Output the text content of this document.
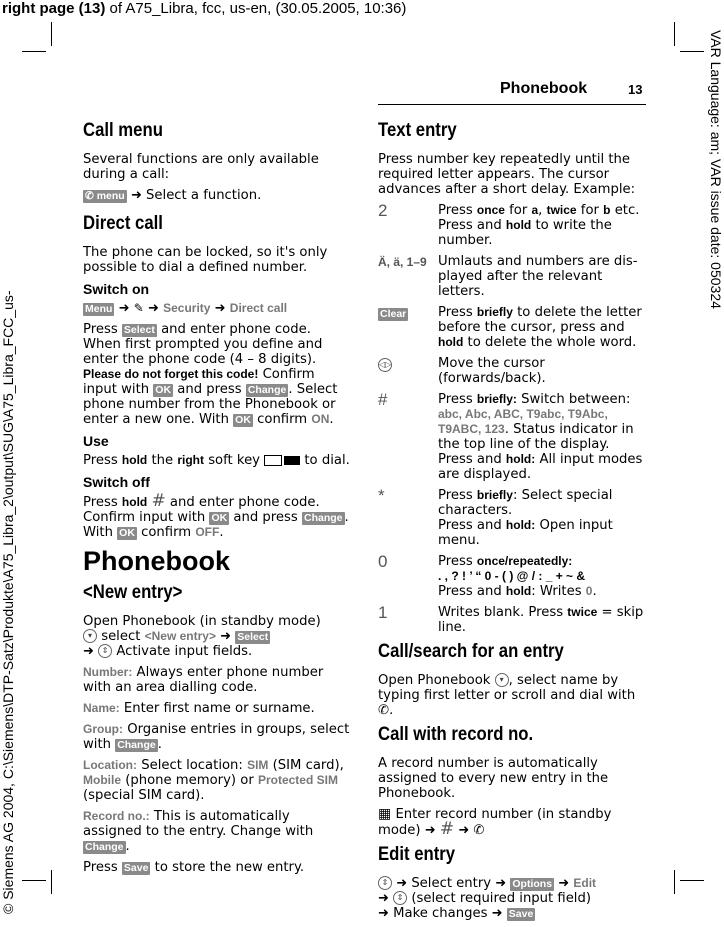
right page (13) of A75_Libra, fcc, us-en, (30.05.2005, 10:36)
VAR Language: am; VAR issue date: 050324
© Siemens AG 2004, C:\Siemens\DTP-Satz\Produkte\A75_Libra_2\output\SUG\A75_Libra_FCC_us-
Phonebook	13
Call menu

Several functions are only available during a call:

✆ menu ➜ Select a function.

Direct call

The phone can be locked, so it's only possible to dial a defined number.

Switch on

Menu ➜ ✎ ➜ Security ➜ Direct call

Press Select and enter phone code. When first prompted you define and enter the phone code (4 – 8 digits). Please do not forget this code! Confirm input with OK and press Change . Select phone number from the Phonebook or enter a new one. With OK confirm ON.

Use

Press hold the right soft key	to dial.

Switch off

Press hold # and enter phone code. Confirm input with OK and press Change . With OK confirm OFF.

Phonebook
<New entry>

Open Phonebook (in standby mode)
▾ select <New entry> ➜ Select
➜ ⇕ Activate input fields.

Number: Always enter phone number with an area dialling code.

Name: Enter first name or surname.

Group: Organise entries in groups, select with Change .

Location: Select location: SIM (SIM card), Mobile (phone memory) or Protected SIM (special SIM card).

Record no.: This is automatically assigned to the entry. Change with Change .

Press Save to store the new entry.

Text entry

Press number key repeatedly until the required letter appears. The cursor advances after a short delay. Example:

2	Press once for a, twice for b etc. Press and hold to write the number.
Ä, ä, 1–9	Umlauts and numbers are displayed after the relevant letters.
Clear	Press briefly to delete the letter before the cursor, press and hold to delete the whole word.
◁▷	Move the cursor (forwards/back).
#	Press briefly: Switch between:
abc, Abc, ABC, T9abc, T9Abc, T9ABC, 123. Status indicator in the top line of the display.
Press and hold: All input modes are displayed.
*	Press briefly: Select special characters.
Press and hold: Open input menu.
0	Press once/repeatedly:
. , ? ! ’ “ 0 - ( ) @ / : _ + ~ &
Press and hold: Writes 0.
1	Writes blank. Press twice = skip line.
Call/search for an entry

Open Phonebook ▾ , select name by typing first letter or scroll and dial with ✆.

Call with record no.

A record number is automatically assigned to every new entry in the Phonebook.

▦ Enter record number (in standby mode) ➜ # ➜ ✆

Edit entry

⇕ ➜ Select entry ➜ Options ➜ Edit
➜ ⇕ (select required input field)
➜ Make changes ➜ Save
